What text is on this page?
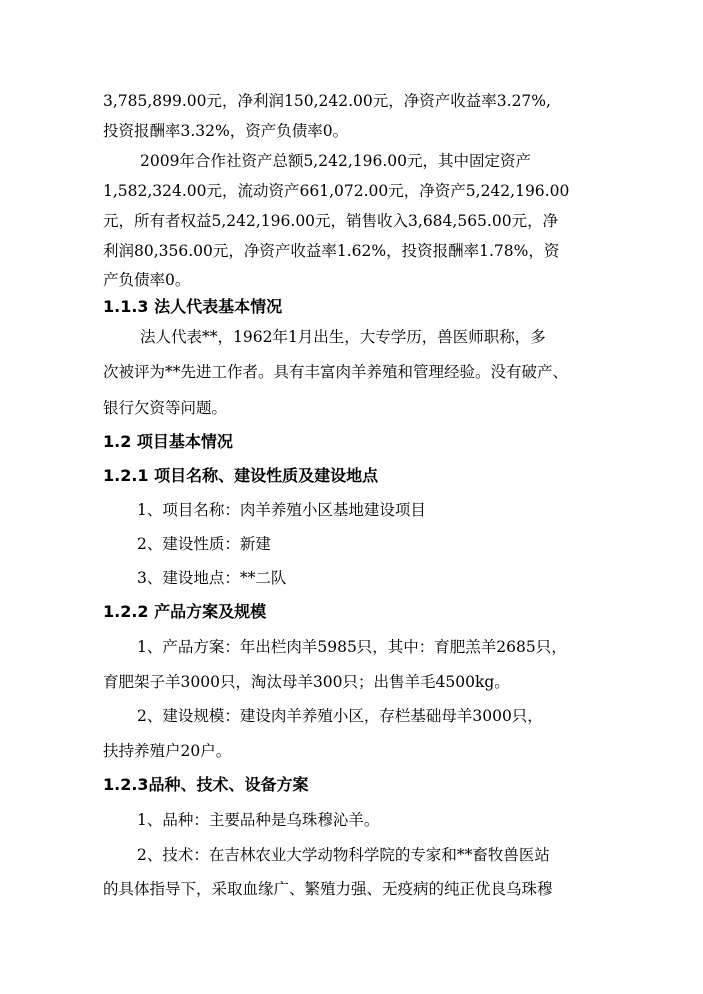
3,785,899.00元，净利润150,242.00元，净资产收益率3.27%,
投资报酬率3.32%，资产负债率0。
2009年合作社资产总额5,242,196.00元，其中固定资产
1,582,324.00元，流动资产661,072.00元，净资产5,242,196.00
元，所有者权益5,242,196.00元，销售收入3,684,565.00元，净
利润80,356.00元，净资产收益率1.62%，投资报酬率1.78%，资
产负债率0。
1.1.3 法人代表基本情况
法人代表**，1962年1月出生，大专学历，兽医师职称，多
次被评为**先进工作者。具有丰富肉羊养殖和管理经验。没有破产、
银行欠资等问题。
1.2 项目基本情况
1.2.1 项目名称、建设性质及建设地点
1、项目名称：肉羊养殖小区基地建设项目
2、建设性质：新建
3、建设地点：**二队
1.2.2 产品方案及规模
1、产品方案：年出栏肉羊5985只，其中：育肥羔羊2685只，
育肥架子羊3000只，淘汰母羊300只；出售羊毛4500kg。
2、建设规模：建设肉羊养殖小区，存栏基础母羊3000只，
扶持养殖户20户。
1.2.3品种、技术、设备方案
1、品种：主要品种是乌珠穆沁羊。
2、技术：在吉林农业大学动物科学院的专家和**畜牧兽医站
的具体指导下，采取血缘广、繁殖力强、无疫病的纯正优良乌珠穆
